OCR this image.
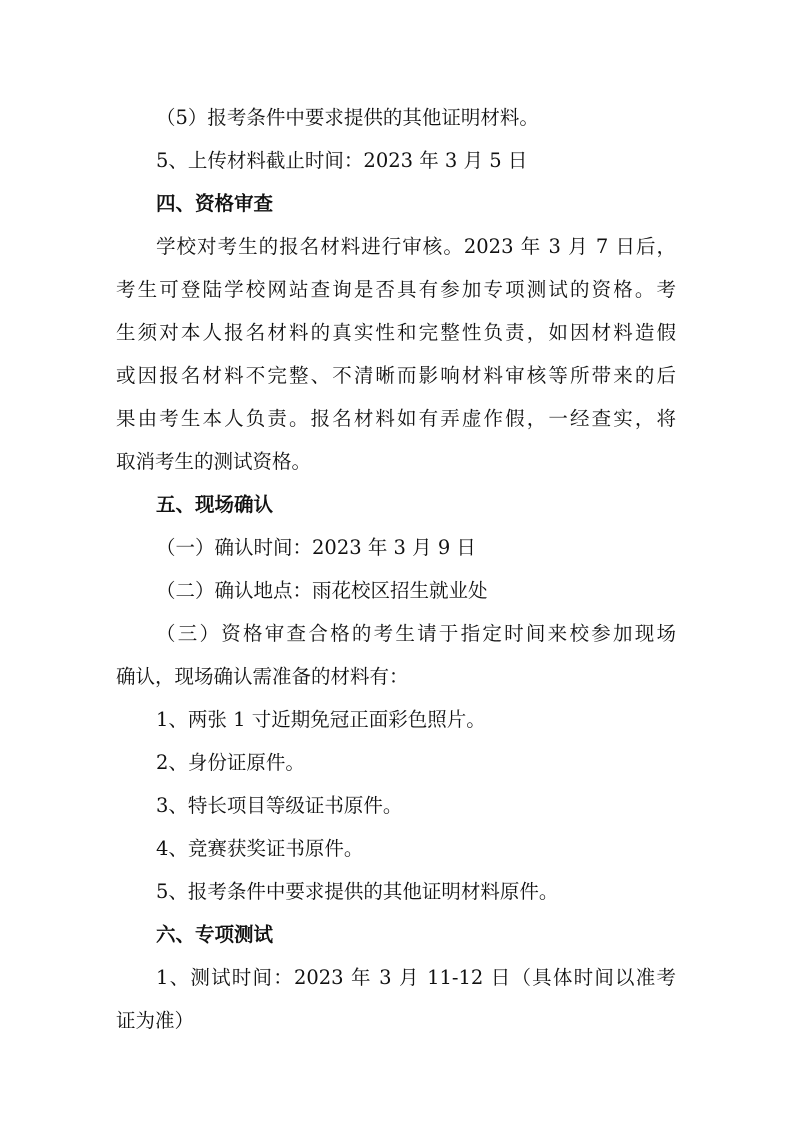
（5）报考条件中要求提供的其他证明材料。
5、上传材料截止时间：2023 年 3 月 5 日
四、资格审查
学校对考生的报名材料进行审核。2023 年 3 月 7 日后，
考生可登陆学校网站查询是否具有参加专项测试的资格。考
生须对本人报名材料的真实性和完整性负责，如因材料造假
或因报名材料不完整、不清晰而影响材料审核等所带来的后
果由考生本人负责。报名材料如有弄虚作假，一经查实，将
取消考生的测试资格。
五、现场确认
（一）确认时间：2023 年 3 月 9 日
（二）确认地点：雨花校区招生就业处
（三）资格审查合格的考生请于指定时间来校参加现场
确认，现场确认需准备的材料有：
1、两张 1 寸近期免冠正面彩色照片。
2、身份证原件。
3、特长项目等级证书原件。
4、竞赛获奖证书原件。
5、报考条件中要求提供的其他证明材料原件。
六、专项测试
1、测试时间：2023 年 3 月 11-12 日（具体时间以准考
证为准）
